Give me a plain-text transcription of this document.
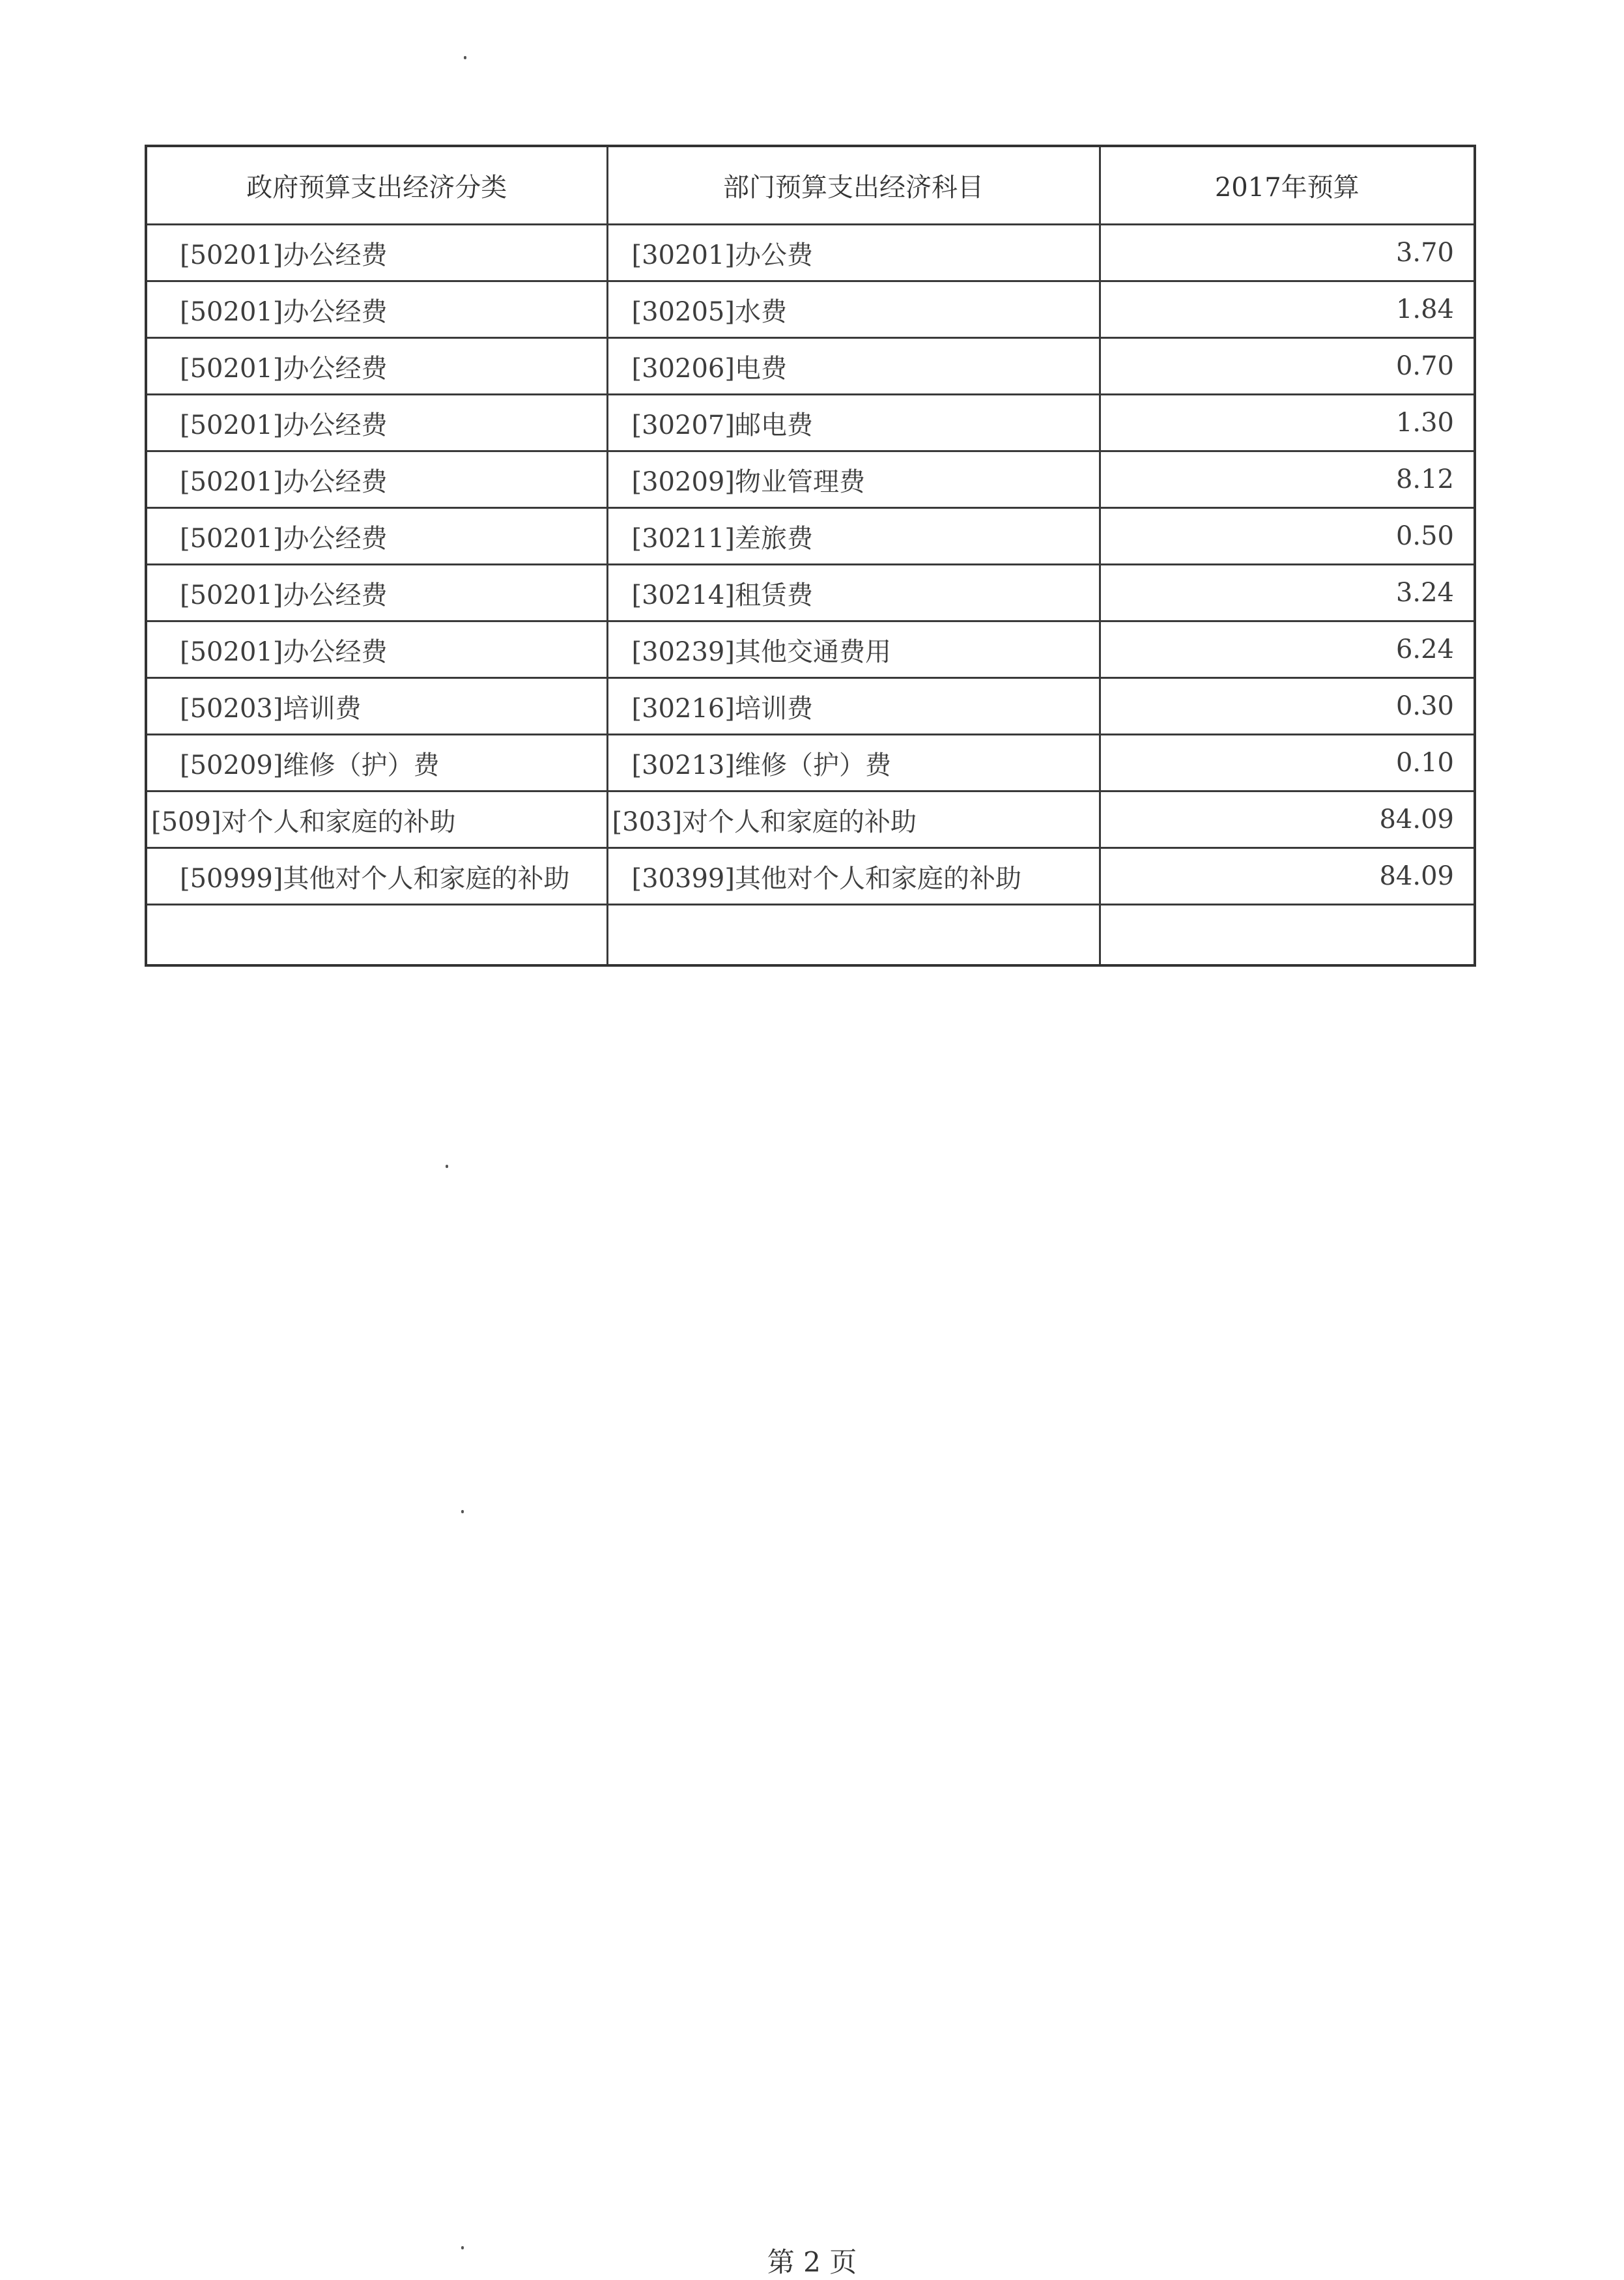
政府预算支出经济分类	部门预算支出经济科目	2017年预算
[50201]办公经费	[30201]办公费	3.70
[50201]办公经费	[30205]水费	1.84
[50201]办公经费	[30206]电费	0.70
[50201]办公经费	[30207]邮电费	1.30
[50201]办公经费	[30209]物业管理费	8.12
[50201]办公经费	[30211]差旅费	0.50
[50201]办公经费	[30214]租赁费	3.24
[50201]办公经费	[30239]其他交通费用	6.24
[50203]培训费	[30216]培训费	0.30
[50209]维修（护）费	[30213]维修（护）费	0.10
[509]对个人和家庭的补助	[303]对个人和家庭的补助	84.09
[50999]其他对个人和家庭的补助	[30399]其他对个人和家庭的补助	84.09

第 2 页
